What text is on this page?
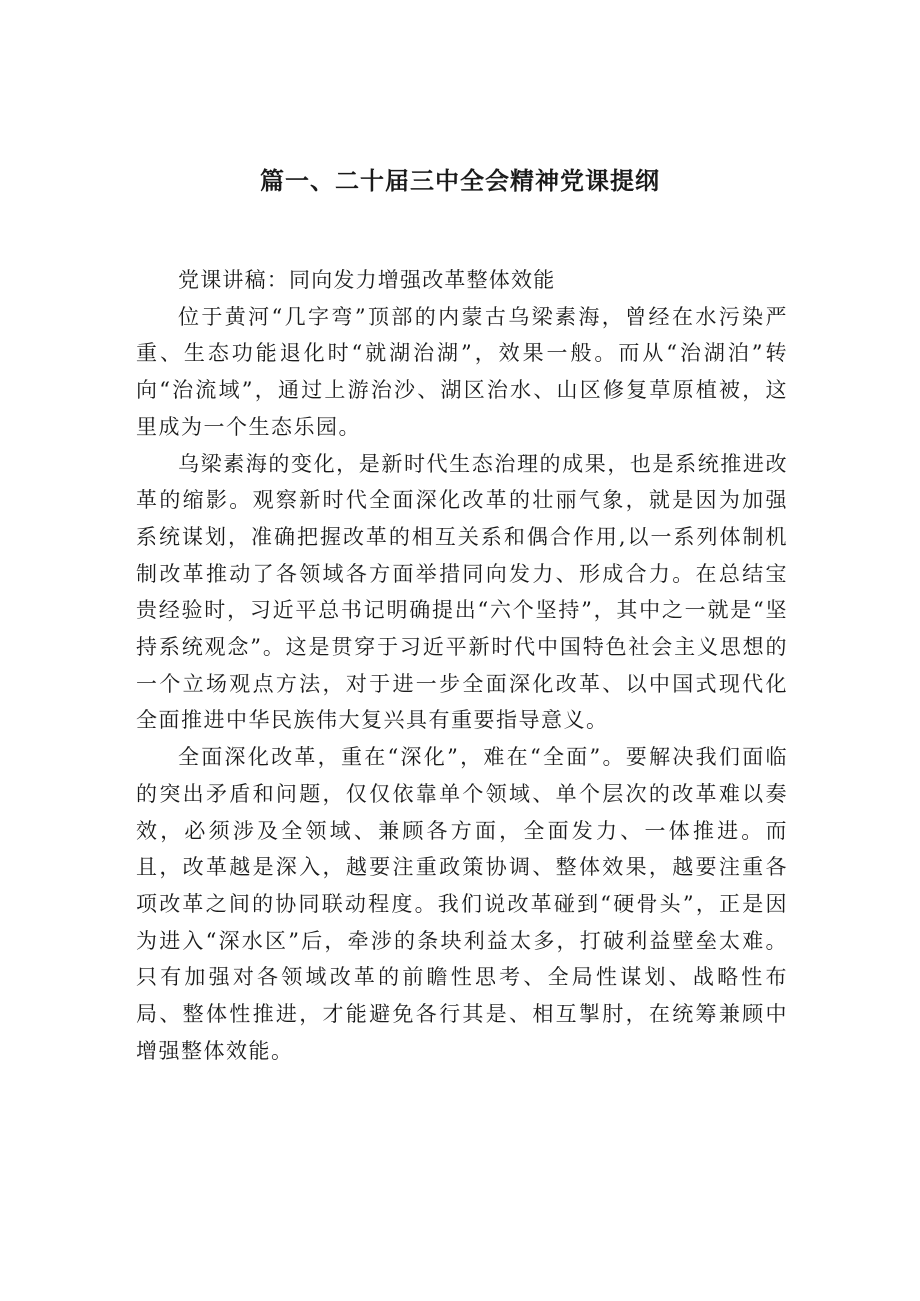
篇一、二十届三中全会精神党课提纲

党课讲稿：同向发力增强改革整体效能

位于黄河“几字弯”顶部的内蒙古乌梁素海，曾经在水污染严重、生态功能退化时“就湖治湖”，效果一般。而从“治湖泊”转向“治流域”，通过上游治沙、湖区治水、山区修复草原植被，这里成为一个生态乐园。

乌梁素海的变化，是新时代生态治理的成果，也是系统推进改革的缩影。观察新时代全面深化改革的壮丽气象，就是因为加强系统谋划，准确把握改革的相互关系和偶合作用,以一系列体制机制改革推动了各领域各方面举措同向发力、形成合力。在总结宝贵经验时，习近平总书记明确提出“六个坚持”，其中之一就是“坚持系统观念”。这是贯穿于习近平新时代中国特色社会主义思想的一个立场观点方法，对于进一步全面深化改革、以中国式现代化全面推进中华民族伟大复兴具有重要指导意义。

全面深化改革，重在“深化”，难在“全面”。要解决我们面临的突出矛盾和问题，仅仅依靠单个领域、单个层次的改革难以奏效，必须涉及全领域、兼顾各方面，全面发力、一体推进。而且，改革越是深入，越要注重政策协调、整体效果，越要注重各项改革之间的协同联动程度。我们说改革碰到“硬骨头”，正是因为进入“深水区”后，牵涉的条块利益太多，打破利益壁垒太难。只有加强对各领域改革的前瞻性思考、全局性谋划、战略性布局、整体性推进，才能避免各行其是、相互掣肘，在统筹兼顾中增强整体效能。
